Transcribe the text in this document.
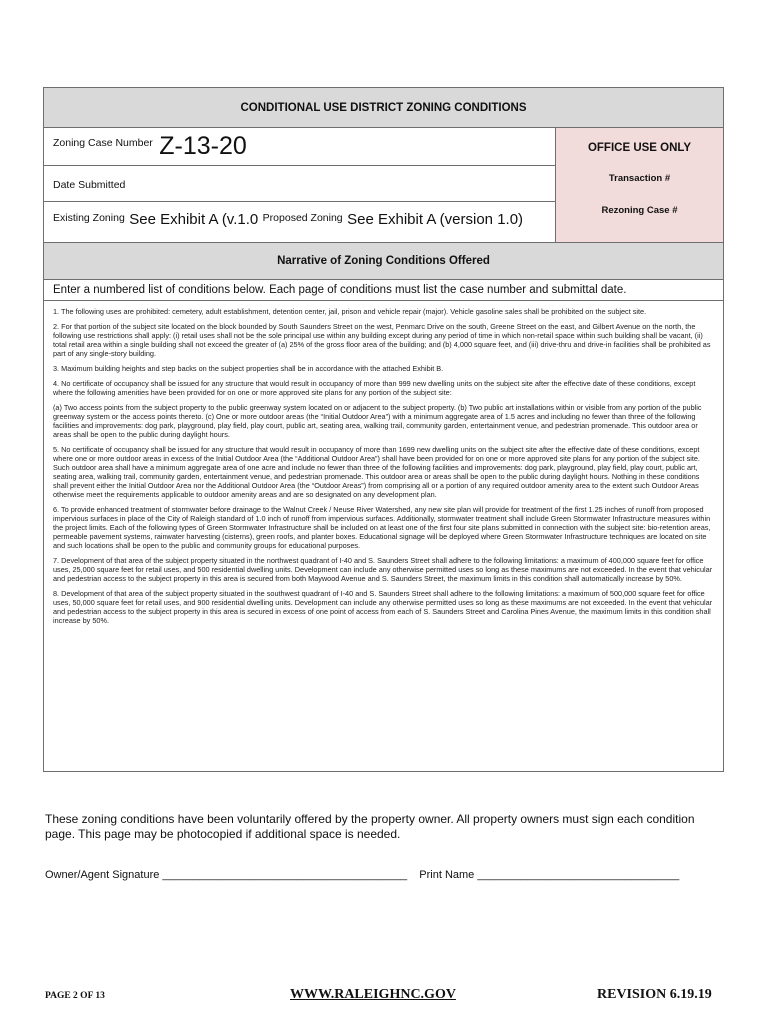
CONDITIONAL USE DISTRICT ZONING CONDITIONS
$^{Zoning Case Number}$ Z-13-20
$_{Date Submitted}$
$_{Existing Zoning}$ See Exhibit A (v.1.0 $_{Proposed Zoning}$ See Exhibit A (version 1.0)
OFFICE USE ONLY
Transaction #
Rezoning Case #
Narrative of Zoning Conditions Offered
Enter a numbered list of conditions below. Each page of conditions must list the case number and submittal date.

1. The following uses are prohibited: cemetery, adult establishment, detention center, jail, prison and vehicle repair (major). Vehicle gasoline sales shall be prohibited on the subject site.

2. For that portion of the subject site located on the block bounded by South Saunders Street on the west, Penmarc Drive on the south, Greene Street on the east, and Gilbert Avenue on the north, the following use restrictions shall apply: (i) retail uses shall not be the sole principal use within any building except during any period of time in which non-retail space within such building shall be vacant, (ii) total retail area within a single building shall not exceed the greater of (a) 25% of the gross floor area of the building; and (b) 4,000 square feet, and (iii) drive-thru and drive-in facilities shall be prohibited as part of any single-story building.

3. Maximum building heights and step backs on the subject properties shall be in accordance with the attached Exhibit B.

4. No certificate of occupancy shall be issued for any structure that would result in occupancy of more than 999 new dwelling units on the subject site after the effective date of these conditions, except where the following amenities have been provided for on one or more approved site plans for any portion of the subject site:

(a) Two access points from the subject property to the public greenway system located on or adjacent to the subject property. (b) Two public art installations within or visible from any portion of the public greenway system or the access points thereto. (c) One or more outdoor areas (the “Initial Outdoor Area”) with a minimum aggregate area of 1.5 acres and including no fewer than three of the following facilities and improvements: dog park, playground, play field, play court, public art, seating area, walking trail, community garden, entertainment venue, and pedestrian promenade. This outdoor area or areas shall be open to the public during daylight hours.

5. No certificate of occupancy shall be issued for any structure that would result in occupancy of more than 1699 new dwelling units on the subject site after the effective date of these conditions, except where one or more outdoor areas in excess of the Initial Outdoor Area (the “Additional Outdoor Area”) shall have been provided for on one or more approved site plans for any portion of the subject site. Such outdoor area shall have a minimum aggregate area of one acre and include no fewer than three of the following facilities and improvements: dog park, playground, play field, play court, public art, seating area, walking trail, community garden, entertainment venue, and pedestrian promenade. This outdoor area or areas shall be open to the public during daylight hours. Nothing in these conditions shall prevent either the Initial Outdoor Area nor the Additional Outdoor Area (the “Outdoor Areas”) from comprising all or a portion of any required outdoor amenity area to the extent such Outdoor Areas otherwise meet the requirements applicable to outdoor amenity areas and are so designated on any development plan.

6. To provide enhanced treatment of stormwater before drainage to the Walnut Creek / Neuse River Watershed, any new site plan will provide for treatment of the first 1.25 inches of runoff from proposed impervious surfaces in place of the City of Raleigh standard of 1.0 inch of runoff from impervious surfaces. Additionally, stormwater treatment shall include Green Stormwater Infrastructure measures within the project limits. Each of the following types of Green Stormwater Infrastructure shall be included on at least one of the first four site plans submitted in connection with the subject site: bio-retention areas, permeable pavement systems, rainwater harvesting (cisterns), green roofs, and planter boxes. Educational signage will be deployed where Green Stormwater Infrastructure techniques are located on site and such locations shall be open to the public and community groups for educational purposes.

7. Development of that area of the subject property situated in the northwest quadrant of I-40 and S. Saunders Street shall adhere to the following limitations: a maximum of 400,000 square feet for office uses, 25,000 square feet for retail uses, and 500 residential dwelling units. Development can include any otherwise permitted uses so long as these maximums are not exceeded. In the event that vehicular and pedestrian access to the subject property in this area is secured from both Maywood Avenue and S. Saunders Street, the maximum limits in this condition shall automatically increase by 50%.

8. Development of that area of the subject property situated in the southwest quadrant of I-40 and S. Saunders Street shall adhere to the following limitations: a maximum of 500,000 square feet for office uses, 50,000 square feet for retail uses, and 900 residential dwelling units. Development can include any otherwise permitted uses so long as these maximums are not exceeded. In the event that vehicular and pedestrian access to the subject property in this area is secured in excess of one point of access from each of S. Saunders Street and Carolina Pines Avenue, the maximum limits in this condition shall increase by 50%.

These zoning conditions have been voluntarily offered by the property owner. All property owners must sign each condition page. This page may be photocopied if additional space is needed.
Owner/Agent Signature ________________________________________ Print Name _________________________________
PAGE 2 OF 13	WWW.RALEIGHNC.GOV	REVISION 6.19.19
